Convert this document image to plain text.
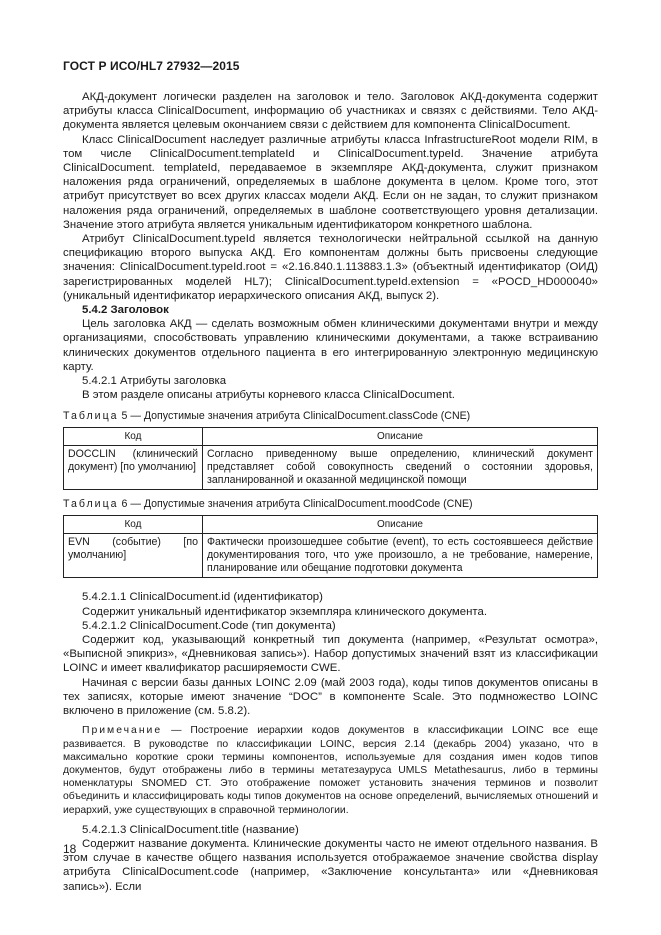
ГОСТ Р ИСО/HL7 27932—2015

АКД-документ логически разделен на заголовок и тело. Заголовок АКД-документа содержит атрибуты класса ClinicalDocument, информацию об участниках и связях с действиями. Тело АКД-документа является целевым окончанием связи с действием для компонента ClinicalDocument.

Класс ClinicalDocument наследует различные атрибуты класса InfrastructureRoot модели RIM, в том числе ClinicalDocument.templateId и ClinicalDocument.typeId. Значение атрибута ClinicalDocument. templateId, передаваемое в экземпляре АКД-документа, служит признаком наложения ряда ограничений, определяемых в шаблоне документа в целом. Кроме того, этот атрибут присутствует во всех других классах модели АКД. Если он не задан, то служит признаком наложения ряда ограничений, определяемых в шаблоне соответствующего уровня детализации. Значение этого атрибута является уникальным идентификатором конкретного шаблона.

Атрибут ClinicalDocument.typeId является технологически нейтральной ссылкой на данную спецификацию второго выпуска АКД. Его компонентам должны быть присвоены следующие значения: ClinicalDocument.typeId.root = «2.16.840.1.113883.1.3» (объектный идентификатор (ОИД) зарегистрированных моделей HL7); ClinicalDocument.typeId.extension = «POCD_HD000040» (уникальный идентификатор иерархического описания АКД, выпуск 2).

5.4.2 Заголовок

Цель заголовка АКД — сделать возможным обмен клиническими документами внутри и между организациями, способствовать управлению клиническими документами, а также встраиванию клинических документов отдельного пациента в его интегрированную электронную медицинскую карту.

5.4.2.1 Атрибуты заголовка

В этом разделе описаны атрибуты корневого класса ClinicalDocument.

Таблица 5 — Допустимые значения атрибута ClinicalDocument.classCode (CNE)

Код	Описание
DOCCLIN (клинический документ) [по умолчанию]	Согласно приведенному выше определению, клинический документ представляет собой совокупность сведений о состоянии здоровья, запланированной и оказанной медицинской помощи

Таблица 6 — Допустимые значения атрибута ClinicalDocument.moodCode (CNE)

Код	Описание
EVN (событие) [по умолчанию]	Фактически произошедшее событие (event), то есть состоявшееся действие документирования того, что уже произошло, а не требование, намерение, планирование или обещание подготовки документа

5.4.2.1.1 ClinicalDocument.id (идентификатор)

Содержит уникальный идентификатор экземпляра клинического документа.

5.4.2.1.2 ClinicalDocument.Code (тип документа)

Содержит код, указывающий конкретный тип документа (например, «Результат осмотра», «Выписной эпикриз», «Дневниковая запись»). Набор допустимых значений взят из классификации LOINC и имеет квалификатор расширяемости CWE.

Начиная с версии базы данных LOINC 2.09 (май 2003 года), коды типов документов описаны в тех записях, которые имеют значение “DOC” в компоненте Scale. Это подмножество LOINC включено в приложение (см. 5.8.2).

Примечание — Построение иерархии кодов документов в классификации LOINC все еще развивается. В руководстве по классификации LOINC, версия 2.14 (декабрь 2004) указано, что в максимально короткие сроки термины компонентов, используемые для создания имен кодов типов документов, будут отображены либо в термины метатезауруса UMLS Metathesaurus, либо в термины номенклатуры SNOMED CT. Это отображение поможет установить значения терминов и позволит объединить и классифицировать коды типов документов на основе определений, вычисляемых отношений и иерархий, уже существующих в справочной терминологии.

5.4.2.1.3 ClinicalDocument.title (название)

Содержит название документа. Клинические документы часто не имеют отдельного названия. В этом случае в качестве общего названия используется отображаемое значение свойства display атрибута ClinicalDocument.code (например, «Заключение консультанта» или «Дневниковая запись»). Если

18
